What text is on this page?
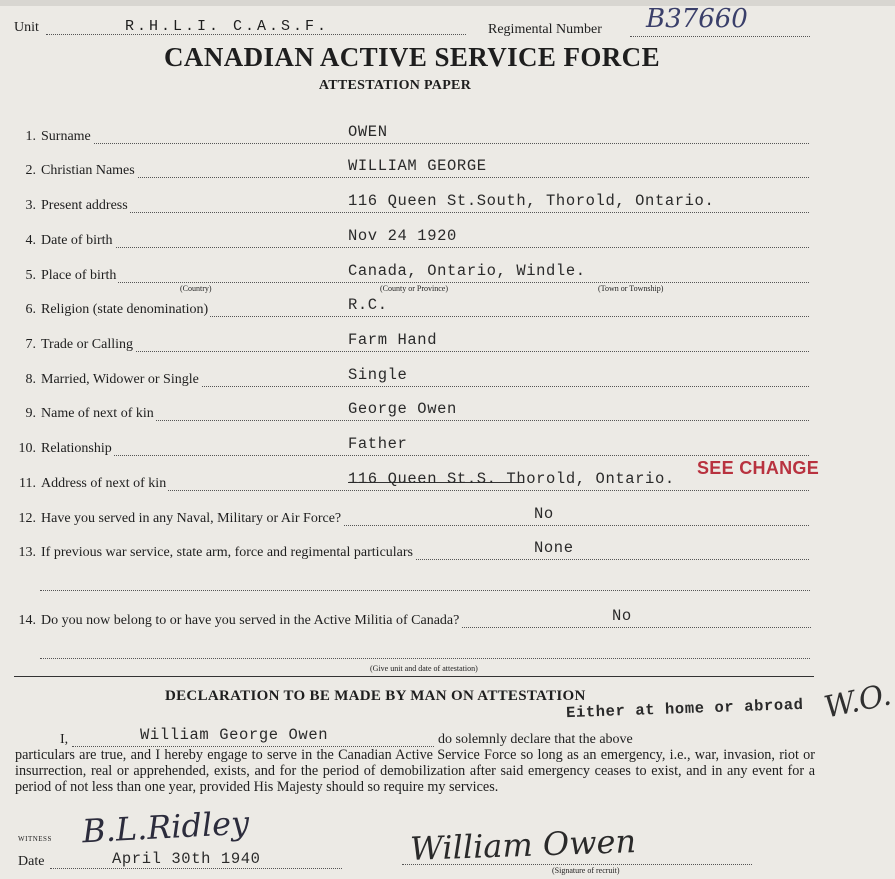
Unit	R.H.L.I. C.A.S.F.	Regimental Number B37660
CANADIAN ACTIVE SERVICE FORCE
ATTESTATION PAPER
1. Surname	OWEN
2. Christian Names	WILLIAM GEORGE
3. Present address	116 Queen St.South, Thorold, Ontario.
4. Date of birth	Nov 24 1920
5. Place of birth	Canada, Ontario, Windle.
6. Religion (state denomination)	R.C.
7. Trade or Calling	Farm Hand
8. Married, Widower or Single	Single
9. Name of next of kin	George Owen
10. Relationship	Father
11. Address of next of kin	116 Queen St.S. Thorold, Ontario.
12. Have you served in any Naval, Military or Air Force?	No
13. If previous war service, state arm, force and regimental particulars	None
14. Do you now belong to or have you served in the Active Militia of Canada?	No
(Country)	(County or Province)	(Town or Township)
(Give unit and date of attestation)
SEE CHANGE
DECLARATION TO BE MADE BY MAN ON ATTESTATION
Either at home or abroad W.O.
I,	William George Owen	do solemnly declare that the above
particulars are true, and I hereby engage to serve in the Canadian Active Service Force so long as an emergency, i.e., war, invasion, riot or insurrection, real or apprehended, exists, and for the period of demobilization after said emergency ceases to exist, and in any event for a period of not less than one year, provided His Majesty should so require my services.
WITNESS B.L.Ridley
Date	April 30th 1940	William Owen
(Signature of recruit)
